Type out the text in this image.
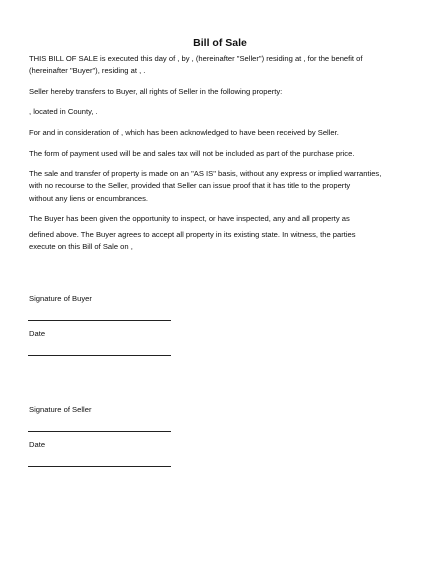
Bill of Sale
THIS BILL OF SALE is executed this day of , by , (hereinafter "Seller") residing at , for the benefit of
(hereinafter "Buyer"), residing at , .
Seller hereby transfers to Buyer, all rights of Seller in the following property:
, located in County, .
For and in consideration of , which has been acknowledged to have been received by Seller.
The form of payment used will be and sales tax will not be included as part of the purchase price.
The sale and transfer of property is made on an "AS IS" basis, without any express or implied warranties,
with no recourse to the Seller, provided that Seller can issue proof that it has title to the property
without any liens or encumbrances.
The Buyer has been given the opportunity to inspect, or have inspected, any and all property as
defined above. The Buyer agrees to accept all property in its existing state. In witness, the parties
execute on this Bill of Sale on ,
Signature of Buyer
Date
Signature of Seller
Date
